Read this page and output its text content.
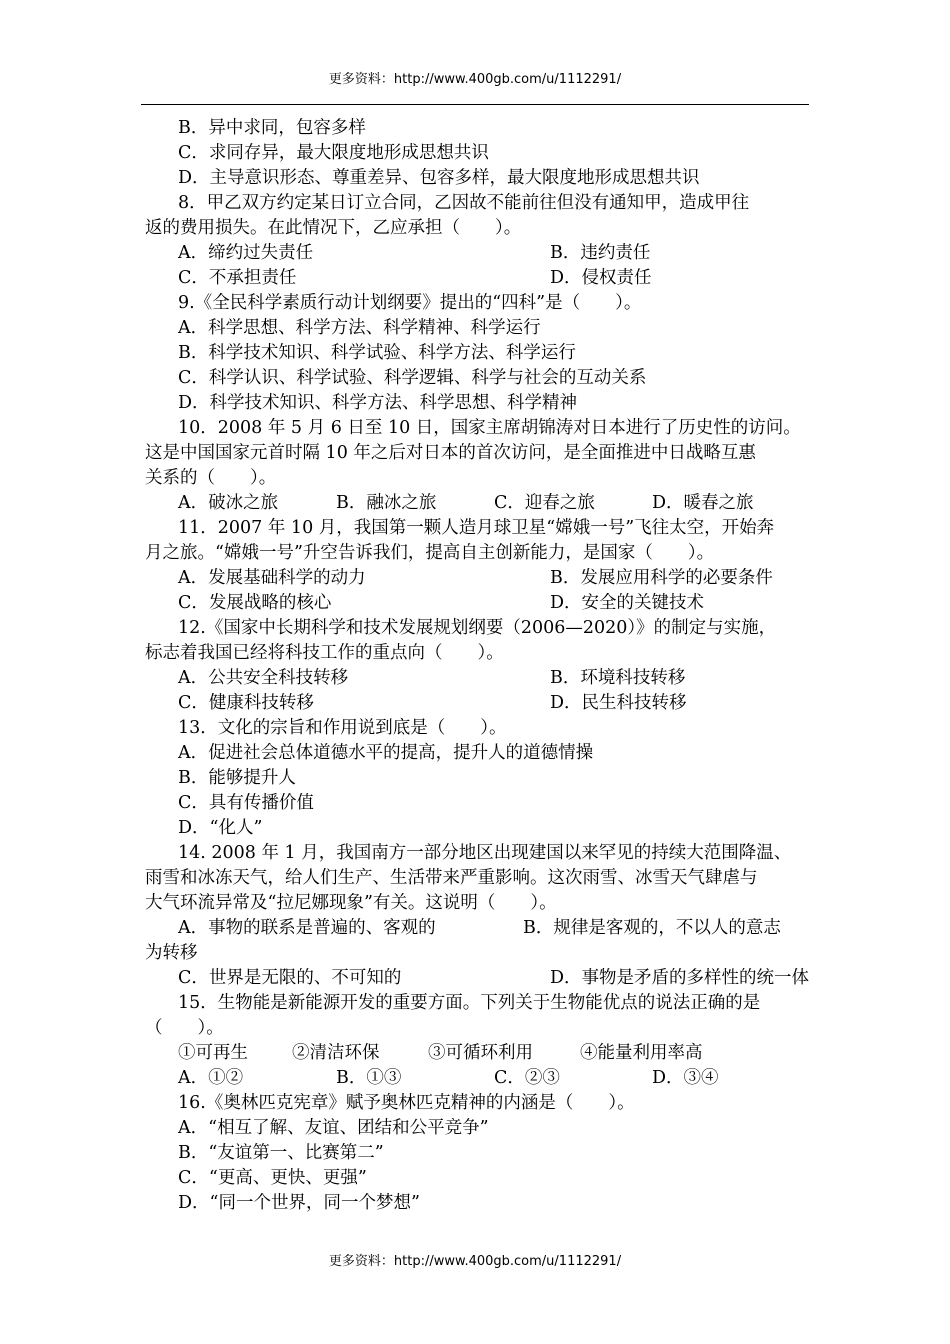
更多资料：http://www.400gb.com/u/1112291/
B．异中求同，包容多样
C．求同存异，最大限度地形成思想共识
D．主导意识形态、尊重差异、包容多样，最大限度地形成思想共识
8．甲乙双方约定某日订立合同，乙因故不能前往但没有通知甲，造成甲往
返的费用损失。在此情况下，乙应承担（　　）。
A．缔约过失责任	B．违约责任
C．不承担责任	D．侵权责任
9.《全民科学素质行动计划纲要》提出的“四科”是（　　）。
A．科学思想、科学方法、科学精神、科学运行
B．科学技术知识、科学试验、科学方法、科学运行
C．科学认识、科学试验、科学逻辑、科学与社会的互动关系
D．科学技术知识、科学方法、科学思想、科学精神
10．2008 年 5 月 6 日至 10 日，国家主席胡锦涛对日本进行了历史性的访问。
这是中国国家元首时隔 10 年之后对日本的首次访问，是全面推进中日战略互惠
关系的（　　）。
A．破冰之旅	B．融冰之旅	C．迎春之旅	D．暖春之旅
11．2007 年 10 月，我国第一颗人造月球卫星“嫦娥一号”飞往太空，开始奔
月之旅。“嫦娥一号”升空告诉我们，提高自主创新能力，是国家（　　）。
A．发展基础科学的动力	B．发展应用科学的必要条件
C．发展战略的核心	D．安全的关键技术
12.《国家中长期科学和技术发展规划纲要（2006—2020）》的制定与实施，
标志着我国已经将科技工作的重点向（　　）。
A．公共安全科技转移	B．环境科技转移
C．健康科技转移	D．民生科技转移
13．文化的宗旨和作用说到底是（　　）。
A．促进社会总体道德水平的提高，提升人的道德情操
B．能够提升人
C．具有传播价值
D．“化人”
14. 2008 年 1 月，我国南方一部分地区出现建国以来罕见的持续大范围降温、
雨雪和冰冻天气，给人们生产、生活带来严重影响。这次雨雪、冰雪天气肆虐与
大气环流异常及“拉尼娜现象”有关。这说明（　　）。
A．事物的联系是普遍的、客观的	B．规律是客观的，不以人的意志
为转移
C．世界是无限的、不可知的	D．事物是矛盾的多样性的统一体
15．生物能是新能源开发的重要方面。下列关于生物能优点的说法正确的是
（　　）。
①可再生	②清洁环保	③可循环利用	④能量利用率高
A．①②	B．①③	C．②③	D．③④
16.《奥林匹克宪章》赋予奥林匹克精神的内涵是（　　）。
A．“相互了解、友谊、团结和公平竞争”
B．“友谊第一、比赛第二”
C．“更高、更快、更强”
D．“同一个世界，同一个梦想”
更多资料：http://www.400gb.com/u/1112291/
